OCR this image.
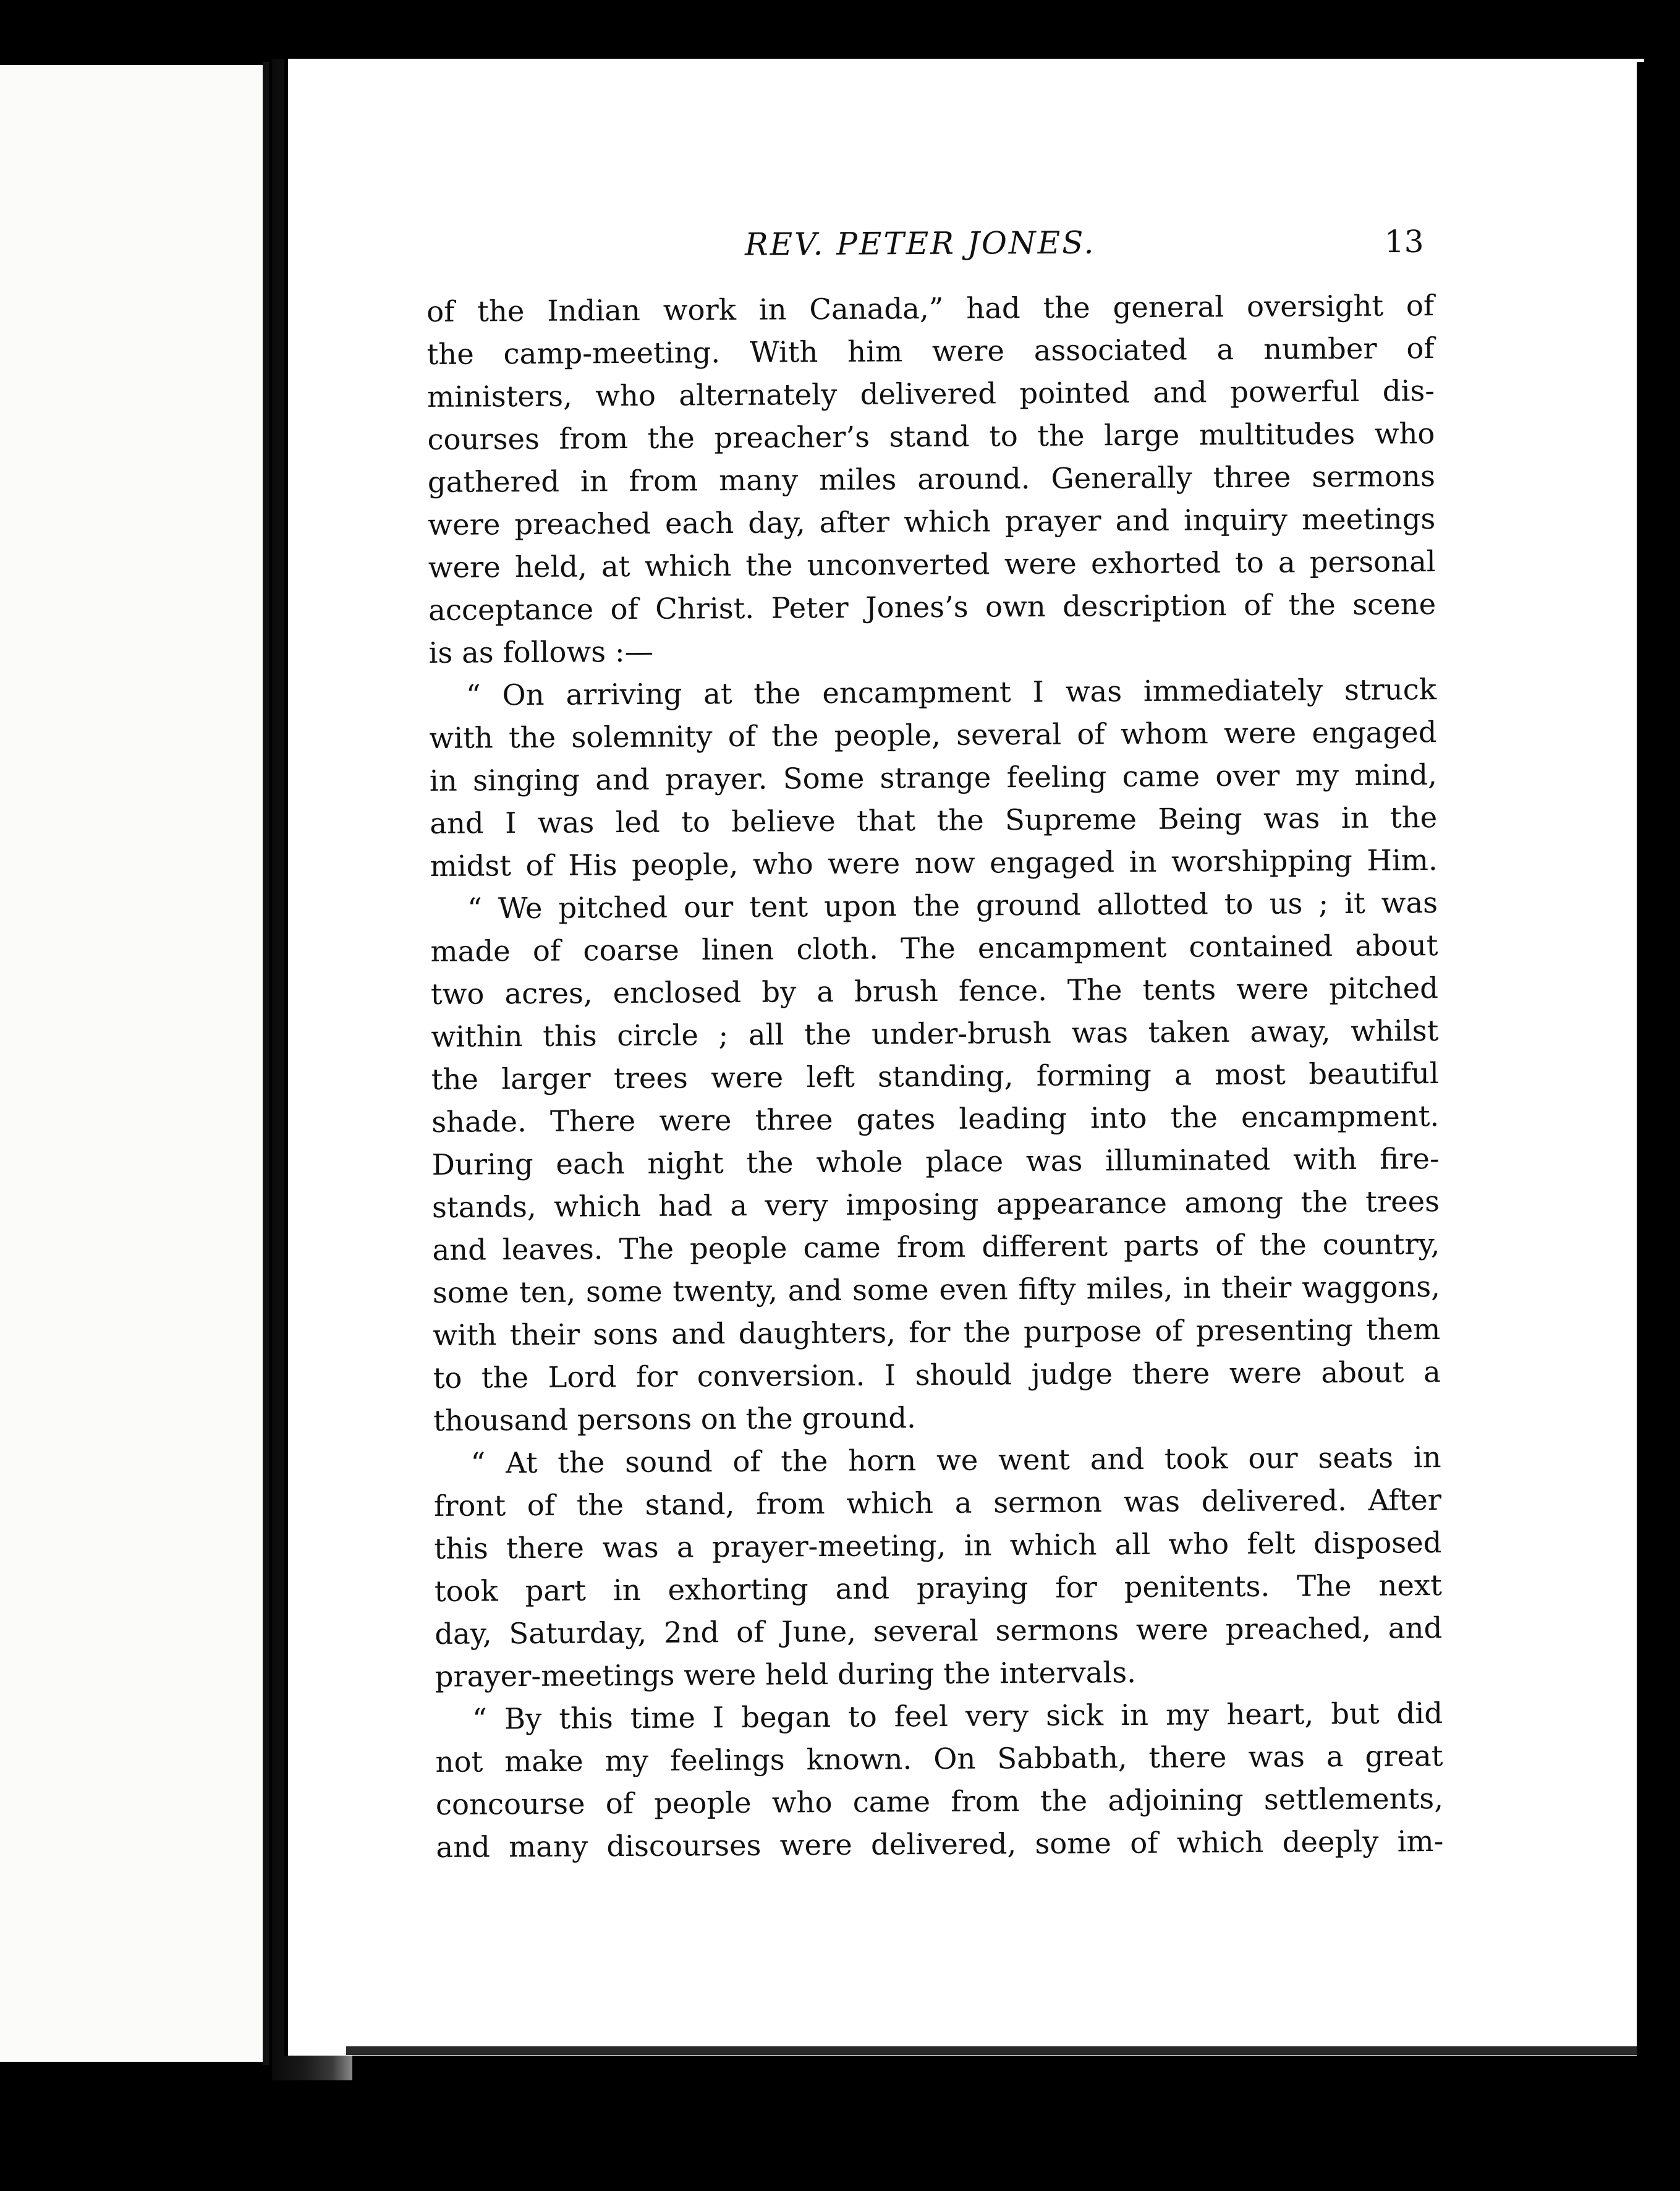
REV. PETER JONES.	13
of the Indian work in Canada,” had the general oversight of
the camp-meeting. With him were associated a number of
ministers, who alternately delivered pointed and powerful dis-
courses from the preacher’s stand to the large multitudes who
gathered in from many miles around. Generally three sermons
were preached each day, after which prayer and inquiry meetings
were held, at which the unconverted were exhorted to a personal
acceptance of Christ. Peter Jones’s own description of the scene
is as follows :—
“ On arriving at the encampment I was immediately struck
with the solemnity of the people, several of whom were engaged
in singing and prayer. Some strange feeling came over my mind,
and I was led to believe that the Supreme Being was in the
midst of His people, who were now engaged in worshipping Him.
“ We pitched our tent upon the ground allotted to us ; it was
made of coarse linen cloth. The encampment contained about
two acres, enclosed by a brush fence. The tents were pitched
within this circle ; all the under-brush was taken away, whilst
the larger trees were left standing, forming a most beautiful
shade. There were three gates leading into the encampment.
During each night the whole place was illuminated with fire-
stands, which had a very imposing appearance among the trees
and leaves. The people came from different parts of the country,
some ten, some twenty, and some even fifty miles, in their waggons,
with their sons and daughters, for the purpose of presenting them
to the Lord for conversion. I should judge there were about a
thousand persons on the ground.
“ At the sound of the horn we went and took our seats in
front of the stand, from which a sermon was delivered. After
this there was a prayer-meeting, in which all who felt disposed
took part in exhorting and praying for penitents. The next
day, Saturday, 2nd of June, several sermons were preached, and
prayer-meetings were held during the intervals.
“ By this time I began to feel very sick in my heart, but did
not make my feelings known. On Sabbath, there was a great
concourse of people who came from the adjoining settlements,
and many discourses were delivered, some of which deeply im-
